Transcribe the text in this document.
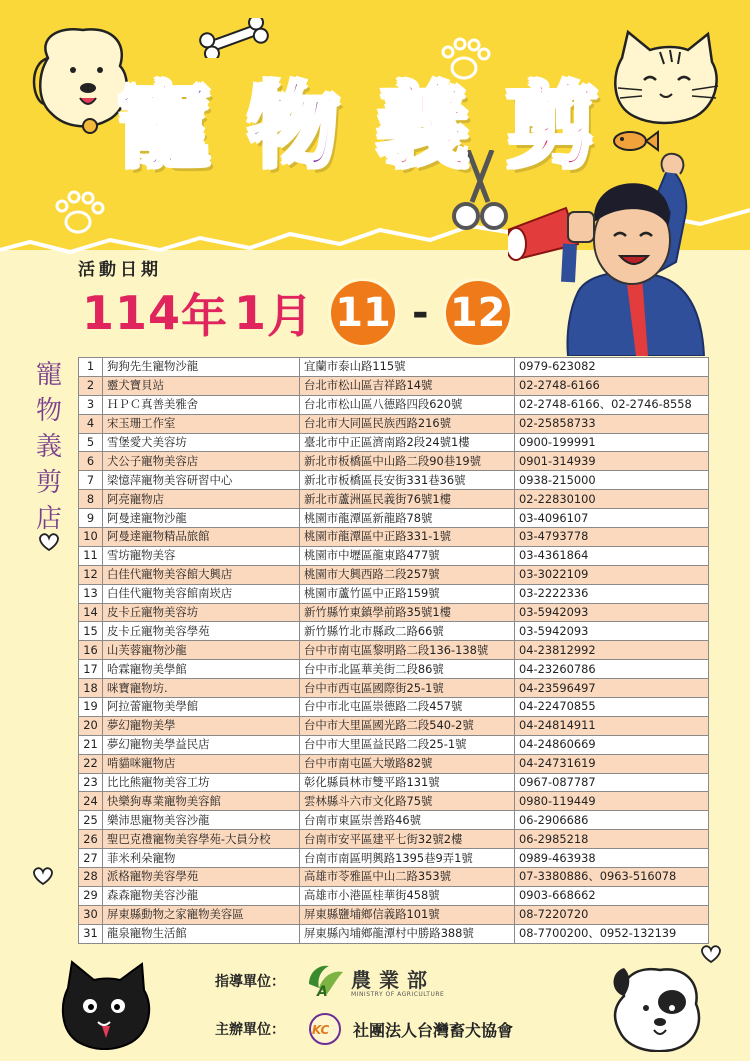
寵 物 義 剪
活動日期
114 年 1 月 11 - 12
寵
物
義
剪
店
1	狗狗先生寵物沙龍	宜蘭市泰山路115號	0979-623082
2	靈犬寶貝站	台北市松山區吉祥路14號	02-2748-6166
3	ＨＰＣ真善美雅舍	台北市松山區八德路四段620號	02-2748-6166、02-2746-8558
4	宋玉珊工作室	台北市大同區民族西路216號	02-25858733
5	雪堡愛犬美容坊	臺北市中正區濟南路2段24號1樓	0900-199991
6	犬公子寵物美容店	新北市板橋區中山路二段90巷19號	0901-314939
7	梁憶萍寵物美容研習中心	新北市板橋區長安街331巷36號	0938-215000
8	阿亮寵物店	新北市蘆洲區民義街76號1樓	02-22830100
9	阿曼達寵物沙龍	桃園市龍潭區新龍路78號	03-4096107
10	阿曼達寵物精品旅館	桃園市龍潭區中正路331-1號	03-4793778
11	雪坊寵物美容	桃園市中壢區龍東路477號	03-4361864
12	白佳代寵物美容館大興店	桃園市大興西路二段257號	03-3022109
13	白佳代寵物美容館南崁店	桃園市蘆竹區中正路159號	03-2222336
14	皮卡丘寵物美容坊	新竹縣竹東鎮學前路35號1樓	03-5942093
15	皮卡丘寵物美容學苑	新竹縣竹北市縣政二路66號	03-5942093
16	山芙蓉寵物沙龍	台中市南屯區黎明路二段136-138號	04-23812992
17	哈霖寵物美學館	台中市北區華美街二段86號	04-23260786
18	咪寶寵物坊.	台中市西屯區國際街25-1號	04-23596497
19	阿拉蕾寵物美學館	台中市北屯區崇德路二段457號	04-22470855
20	夢幻寵物美學	台中市大里區國光路二段540-2號	04-24814911
21	夢幻寵物美學益民店	台中市大里區益民路二段25-1號	04-24860669
22	啃貓咪寵物店	台中市南屯區大墩路82號	04-24731619
23	比比熊寵物美容工坊	彰化縣員林市雙平路131號	0967-087787
24	快樂狗專業寵物美容館	雲林縣斗六市文化路75號	0980-119449
25	樂沛思寵物美容沙龍	台南市東區崇善路46號	06-2906686
26	聖巴克禮寵物美容學苑-大員分校	台南市安平區建平七街32號2樓	06-2985218
27	菲米利朵寵物	台南市南區明興路1395巷9弄1號	0989-463938
28	派格寵物美容學苑	高雄市苓雅區中山二路353號	07-3380886、0963-516078
29	森森寵物美容沙龍	高雄市小港區桂華街458號	0903-668662
30	屏東縣動物之家寵物美容區	屏東縣鹽埔鄉信義路101號	08-7220720
31	龍泉寵物生活館	屏東縣內埔鄉龍潭村中勝路388號	08-7700200、0952-132139
指導單位：
A 農業部
MINISTRY OF AGRICULTURE
主辦單位：	KC 社團法人台灣畜犬協會
